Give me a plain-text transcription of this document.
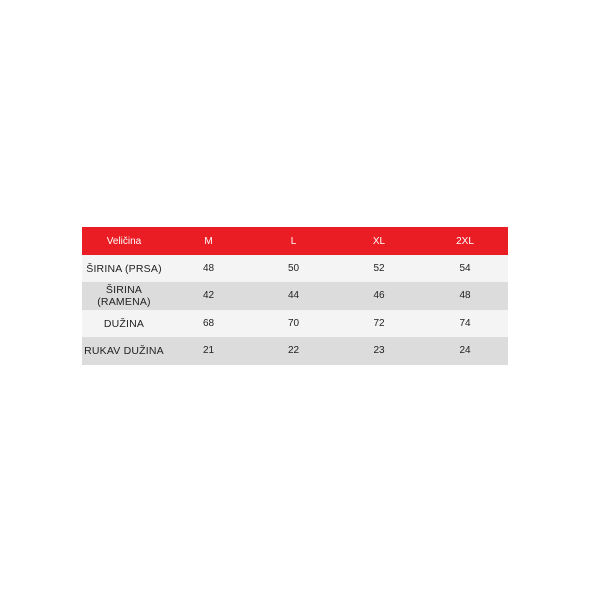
Veličina	M	L	XL	2XL
ŠIRINA (PRSA)	48	50	52	54
ŠIRINA
(RAMENA)	42	44	46	48
DUŽINA	68	70	72	74
RUKAV DUŽINA	21	22	23	24
